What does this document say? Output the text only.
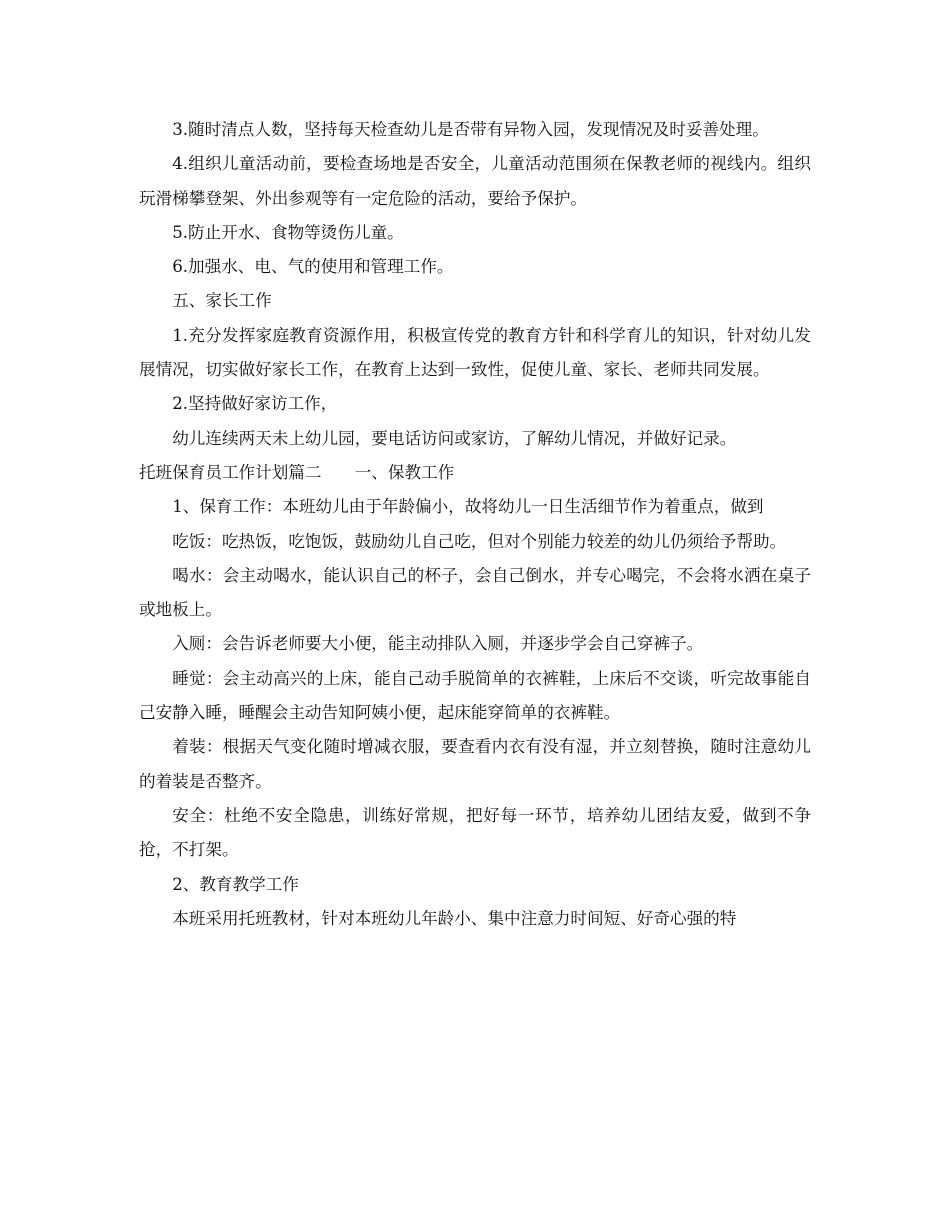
3.随时清点人数，坚持每天检查幼儿是否带有异物入园，发现情况及时妥善处理。

4.组织儿童活动前，要检查场地是否安全，儿童活动范围须在保教老师的视线内。组织玩滑梯攀登架、外出参观等有一定危险的活动，要给予保护。

5.防止开水、食物等烫伤儿童。

6.加强水、电、气的使用和管理工作。

五、家长工作

1.充分发挥家庭教育资源作用，积极宣传党的教育方针和科学育儿的知识，针对幼儿发展情况，切实做好家长工作，在教育上达到一致性，促使儿童、家长、老师共同发展。

2.坚持做好家访工作，

幼儿连续两天未上幼儿园，要电话访问或家访，了解幼儿情况，并做好记录。

托班保育员工作计划篇二　　一、保教工作

1、保育工作：本班幼儿由于年龄偏小，故将幼儿一日生活细节作为着重点，做到

吃饭：吃热饭，吃饱饭，鼓励幼儿自己吃，但对个别能力较差的幼儿仍须给予帮助。

喝水：会主动喝水，能认识自己的杯子，会自己倒水，并专心喝完，不会将水洒在桌子或地板上。

入厕：会告诉老师要大小便，能主动排队入厕，并逐步学会自己穿裤子。

睡觉：会主动高兴的上床，能自己动手脱简单的衣裤鞋，上床后不交谈，听完故事能自己安静入睡，睡醒会主动告知阿姨小便，起床能穿简单的衣裤鞋。

着装：根据天气变化随时增减衣服，要查看内衣有没有湿，并立刻替换，随时注意幼儿的着装是否整齐。

安全：杜绝不安全隐患，训练好常规，把好每一环节，培养幼儿团结友爱，做到不争抢，不打架。

2、教育教学工作

本班采用托班教材，针对本班幼儿年龄小、集中注意力时间短、好奇心强的特
